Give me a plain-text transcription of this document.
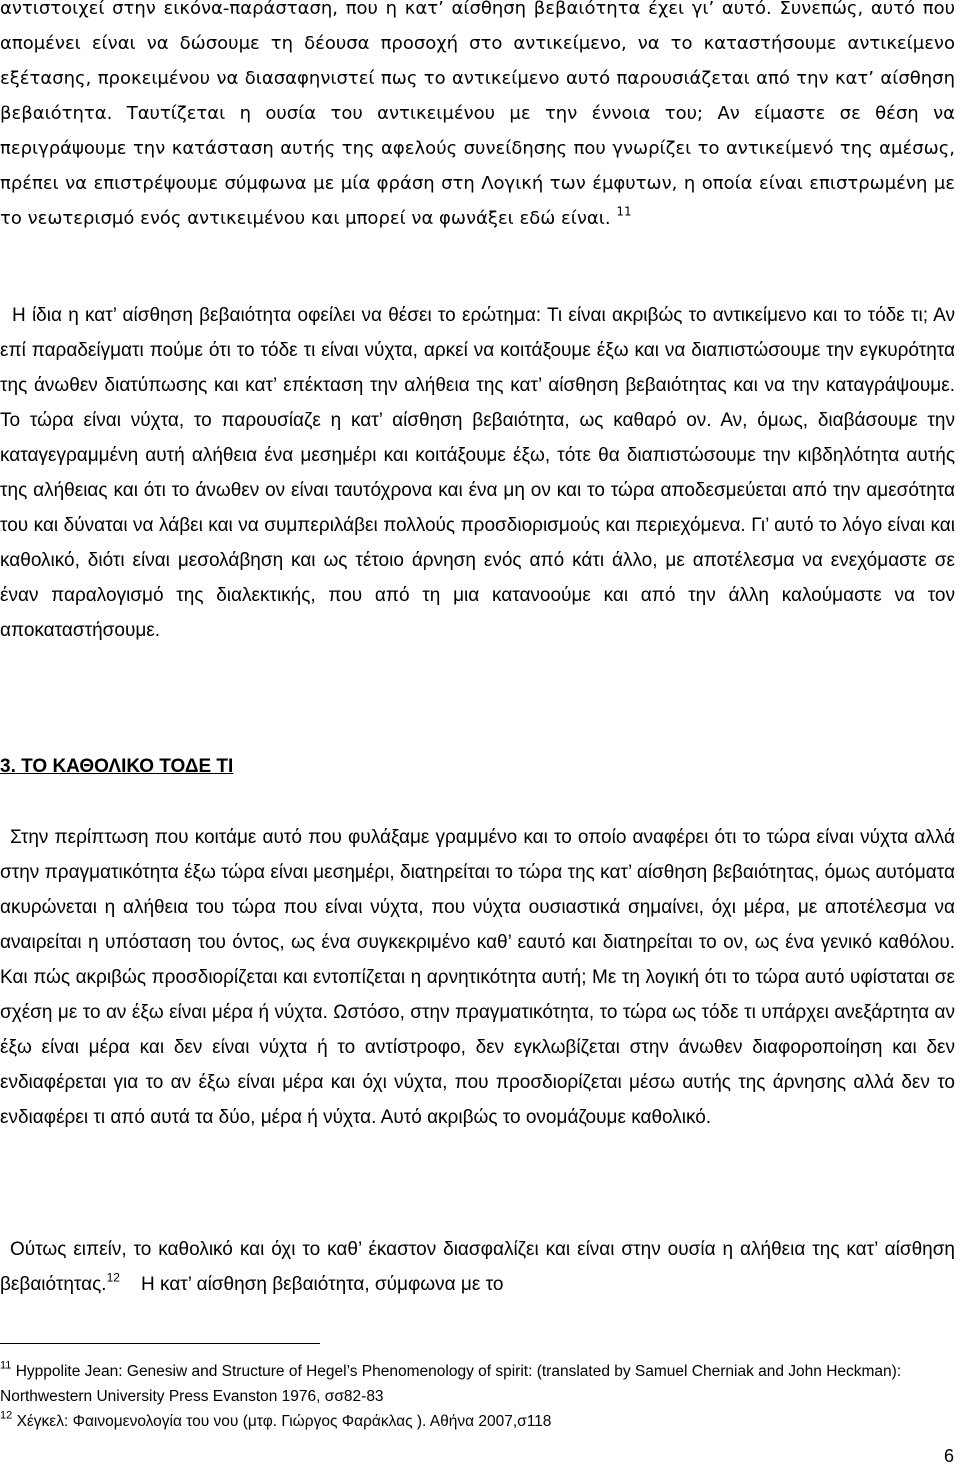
αντιστοιχεί στην εικόνα-παράσταση, που η κατ’ αίσθηση βεβαιότητα έχει γι’ αυτό. Συνεπώς, αυτό που απομένει είναι να δώσουμε τη δέουσα προσοχή στο αντικείμενο, να το καταστήσουμε αντικείμενο εξέτασης, προκειμένου να διασαφηνιστεί πως το αντικείμενο αυτό παρουσιάζεται από την κατ’ αίσθηση βεβαιότητα. Ταυτίζεται η ουσία του αντικειμένου με την έννοια του; Αν είμαστε σε θέση να περιγράψουμε την κατάσταση αυτής της αφελούς συνείδησης που γνωρίζει το αντικείμενό της αμέσως, πρέπει να επιστρέψουμε σύμφωνα με μία φράση στη Λογική των έμφυτων, η οποία είναι επιστρωμένη με το νεωτερισμό ενός αντικειμένου και μπορεί να φωνάξει εδώ είναι. $^{11}$

Η ίδια η κατ’ αίσθηση βεβαιότητα οφείλει να θέσει το ερώτημα: Τι είναι ακριβώς το αντικείμενο και το τόδε τι; Αν επί παραδείγματι πούμε ότι το τόδε τι είναι νύχτα, αρκεί να κοιτάξουμε έξω και να διαπιστώσουμε την εγκυρότητα της άνωθεν διατύπωσης και κατ’ επέκταση την αλήθεια της κατ’ αίσθηση βεβαιότητας και να την καταγράψουμε. Το τώρα είναι νύχτα, το παρουσίαζε η κατ’ αίσθηση βεβαιότητα, ως καθαρό ον. Αν, όμως, διαβάσουμε την καταγεγραμμένη αυτή αλήθεια ένα μεσημέρι και κοιτάξουμε έξω, τότε θα διαπιστώσουμε την κιβδηλότητα αυτής της αλήθειας και ότι το άνωθεν ον είναι ταυτόχρονα και ένα μη ον και το τώρα αποδεσμεύεται από την αμεσότητα του και δύναται να λάβει και να συμπεριλάβει πολλούς προσδιορισμούς και περιεχόμενα. Γι’ αυτό το λόγο είναι και καθολικό, διότι είναι μεσολάβηση και ως τέτοιο άρνηση ενός από κάτι άλλο, με αποτέλεσμα να ενεχόμαστε σε έναν παραλογισμό της διαλεκτικής, που από τη μια κατανοούμε και από την άλλη καλούμαστε να τον αποκαταστήσουμε.

3. ΤΟ ΚΑΘΟΛΙΚΟ ΤΟΔΕ ΤΙ

Στην περίπτωση που κοιτάμε αυτό που φυλάξαμε γραμμένο και το οποίο αναφέρει ότι το τώρα είναι νύχτα αλλά στην πραγματικότητα έξω τώρα είναι μεσημέρι, διατηρείται το τώρα της κατ’ αίσθηση βεβαιότητας, όμως αυτόματα ακυρώνεται η αλήθεια του τώρα που είναι νύχτα, που νύχτα ουσιαστικά σημαίνει, όχι μέρα, με αποτέλεσμα να αναιρείται η υπόσταση του όντος, ως ένα συγκεκριμένο καθ’ εαυτό και διατηρείται το ον, ως ένα γενικό καθόλου. Και πώς ακριβώς προσδιορίζεται και εντοπίζεται η αρνητικότητα αυτή; Με τη λογική ότι το τώρα αυτό υφίσταται σε σχέση με το αν έξω είναι μέρα ή νύχτα. Ωστόσο, στην πραγματικότητα, το τώρα ως τόδε τι υπάρχει ανεξάρτητα αν έξω είναι μέρα και δεν είναι νύχτα ή το αντίστροφο, δεν εγκλωβίζεται στην άνωθεν διαφοροποίηση και δεν ενδιαφέρεται για το αν έξω είναι μέρα και όχι νύχτα, που προσδιορίζεται μέσω αυτής της άρνησης αλλά δεν το ενδιαφέρει τι από αυτά τα δύο, μέρα ή νύχτα. Αυτό ακριβώς το ονομάζουμε καθολικό.

Ούτως ειπείν, το καθολικό και όχι το καθ’ έκαστον διασφαλίζει και είναι στην ουσία η αλήθεια της κατ’ αίσθηση βεβαιότητας.$^{12}$ Η κατ’ αίσθηση βεβαιότητα, σύμφωνα με το

$^{11}$ Hyppolite Jean: Genesiw and Structure of Hegel’s Phenomenology of spirit: (translated by Samuel Cherniak and John Heckman): Northwestern University Press Evanston 1976, σσ82-83

$^{12}$ Χέγκελ: Φαινομενολογία του νου (μτφ. Γιώργος Φαράκλας ). Αθήνα 2007,σ118

6
